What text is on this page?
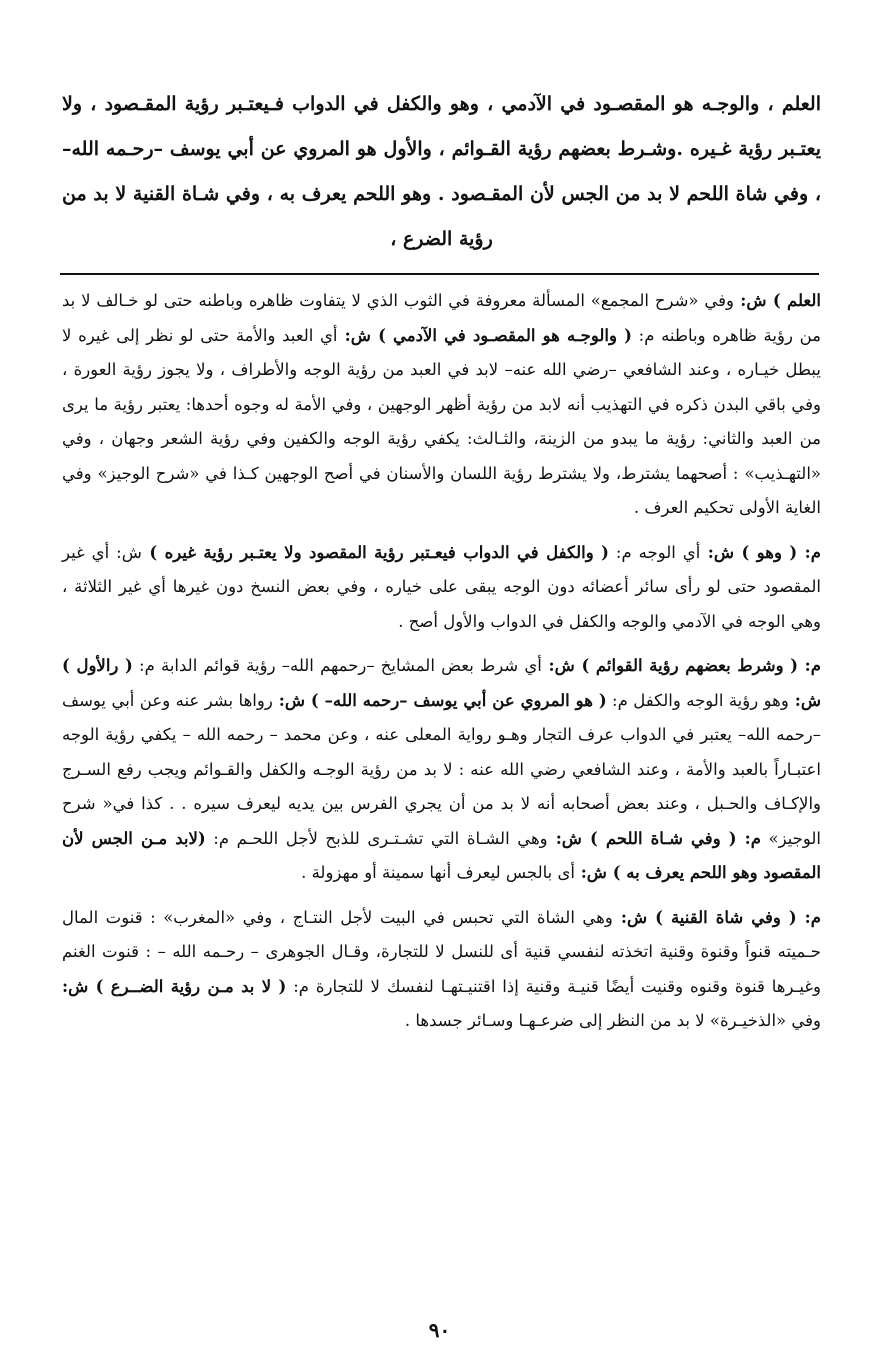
العلم ، والوجـه هو المقصـود في الآدمي ، وهو والكفل في الدواب فـيعتـبر رؤية المقـصود ، ولا يعتـبر رؤية غـيره .وشـرط بعضهم رؤية القـوائم ، والأول هو المروي عن أبي يوسف –رحـمه الله– ، وفي شاة اللحم لا بد من الجس لأن المقـصود . وهو اللحم يعرف به ، وفي شـاة القنية لا بد من رؤية الضرع ،

العلم ) ش: وفي «شرح المجمع» المسألة معروفة في الثوب الذي لا يتفاوت ظاهره وباطنه حتى لو خـالف لا بد من رؤية ظاهره وباطنه م: ( والوجـه هو المقصـود في الآدمي ) ش: أي العبد والأمة حتى لو نظر إلى غيره لا يبطل خيـاره ، وعند الشافعي –رضي الله عنه– لابد في العبد من رؤية الوجه والأطراف ، ولا يجوز رؤية العورة ، وفي باقي البدن ذكره في التهذيب أنه لابد من رؤية أظهر الوجهين ، وفي الأمة له وجوه أحدها: يعتبر رؤية ما يرى من العبد والثاني: رؤية ما يبدو من الزينة، والثـالث: يكفي رؤية الوجه والكفين وفي رؤية الشعر وجهان ، وفي «التهـذيب» : أصحهما يشترط، ولا يشترط رؤية اللسان والأسنان في أصح الوجهين كـذا في «شرح الوجيز» وفي الغاية الأولى تحكيم العرف .

م: ( وهو ) ش: أي الوجه م: ( والكفل في الدواب فيعـتبر رؤية المقصود ولا يعتـبر رؤية غيره ) ش: أي غير المقصود حتى لو رأى سائر أعضائه دون الوجه يبقى على خياره ، وفي بعض النسخ دون غيرها أي غير الثلاثة ، وهي الوجه في الآدمي والوجه والكفل في الدواب والأول أصح .

م: ( وشرط بعضهم رؤية القوائم ) ش: أي شرط بعض المشايخ –رحمهم الله– رؤية قوائم الدابة م: ( رالأول ) ش: وهو رؤية الوجه والكفل م: ( هو المروي عن أبي يوسف –رحمه الله– ) ش: رواها بشر عنه وعن أبي يوسف –رحمه الله– يعتبر في الدواب عرف التجار وهـو رواية المعلى عنه ، وعن محمد – رحمه الله – يكفي رؤية الوجه اعتبـاراً بالعبد والأمة ، وعند الشافعي رضي الله عنه : لا بد من رؤية الوجـه والكفل والقـوائم ويجب رفع السـرج والإكـاف والحـبل ، وعند بعض أصحابه أنه لا بد من أن يجري الفرس بين يديه ليعرف سيره . . كذا في« شرح الوجيز» م: ( وفي شـاة اللحم ) ش: وهي الشـاة التي تشـتـرى للذبح لأجل اللحـم م: (لابد مـن الجس لأن المقصود وهو اللحم يعرف به ) ش: أى بالجس ليعرف أنها سمينة أو مهزولة .

م: ( وفي شاة القنية ) ش: وهي الشاة التي تحبس في البيت لأجل النتـاج ، وفي «المغرب» : قنوت المال حـميته قنواً وقنوة وقنية اتخذته لنفسي قنية أى للنسل لا للتجارة، وقـال الجوهرى – رحـمه الله – : قنوت الغنم وغيـرها قنوة وقنوه وقنيت أيضًا قنيـة وقنية إذا اقتنيـتهـا لنفسك لا للتجارة م: ( لا بد مـن رؤية الضــرع ) ش: وفي «الذخيـرة» لا بد من النظر إلى ضرعـهـا وسـائر جسدها .

٩٠
